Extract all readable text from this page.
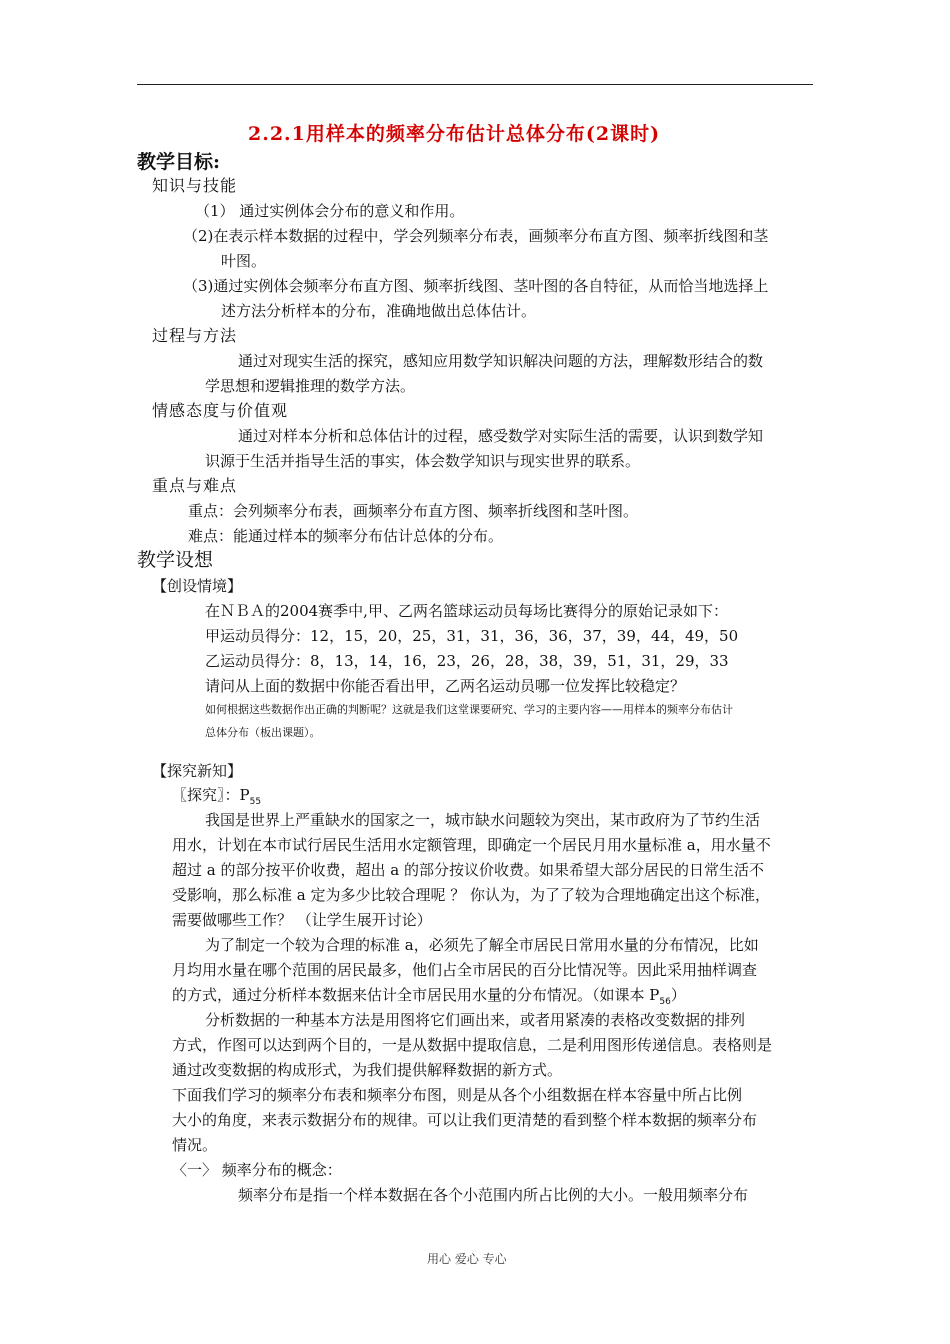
2.2.1用样本的频率分布估计总体分布(2课时)
教学目标:
知识与技能
（1） 通过实例体会分布的意义和作用。
（2)在表示样本数据的过程中，学会列频率分布表，画频率分布直方图、频率折线图和茎
叶图。
（3)通过实例体会频率分布直方图、频率折线图、茎叶图的各自特征，从而恰当地选择上
述方法分析样本的分布，准确地做出总体估计。
过程与方法
通过对现实生活的探究，感知应用数学知识解决问题的方法，理解数形结合的数
学思想和逻辑推理的数学方法。
情感态度与价值观
通过对样本分析和总体估计的过程，感受数学对实际生活的需要，认识到数学知
识源于生活并指导生活的事实，体会数学知识与现实世界的联系。
重点与难点
重点：会列频率分布表，画频率分布直方图、频率折线图和茎叶图。
难点：能通过样本的频率分布估计总体的分布。
教学设想
【创设情境】
在ＮＢＡ的2004赛季中,甲、乙两名篮球运动员每场比赛得分的原始记录如下：
甲运动员得分：12，15，20，25，31，31，36，36，37，39，44，49，50
乙运动员得分：8，13，14，16，23，26，28，38，39，51，31，29，33
请问从上面的数据中你能否看出甲，乙两名运动员哪一位发挥比较稳定？
如何根据这些数据作出正确的判断呢？这就是我们这堂课要研究、学习的主要内容——用样本的频率分布估计
总体分布（板出课题）。
【探究新知】
〖探究〗：$P_{55}$
我国是世界上严重缺水的国家之一，城市缺水问题较为突出，某市政府为了节约生活
用水，计划在本市试行居民生活用水定额管理，即确定一个居民月用水量标准 a，用水量不
超过 a 的部分按平价收费，超出 a 的部分按议价收费。如果希望大部分居民的日常生活不
受影响，那么标准 a 定为多少比较合理呢 ？ 你认为，为了了较为合理地确定出这个标准，
需要做哪些工作？ （让学生展开讨论）
为了制定一个较为合理的标准 a，必须先了解全市居民日常用水量的分布情况，比如
月均用水量在哪个范围的居民最多，他们占全市居民的百分比情况等。因此采用抽样调查
的方式，通过分析样本数据来估计全市居民用水量的分布情况。（如课本 $P_{56}$）
分析数据的一种基本方法是用图将它们画出来，或者用紧凑的表格改变数据的排列
方式，作图可以达到两个目的，一是从数据中提取信息，二是利用图形传递信息。表格则是
通过改变数据的构成形式，为我们提供解释数据的新方式。
下面我们学习的频率分布表和频率分布图，则是从各个小组数据在样本容量中所占比例
大小的角度，来表示数据分布的规律。可以让我们更清楚的看到整个样本数据的频率分布
情况。
〈一〉 频率分布的概念：
频率分布是指一个样本数据在各个小范围内所占比例的大小。一般用频率分布
用心 爱心 专心
